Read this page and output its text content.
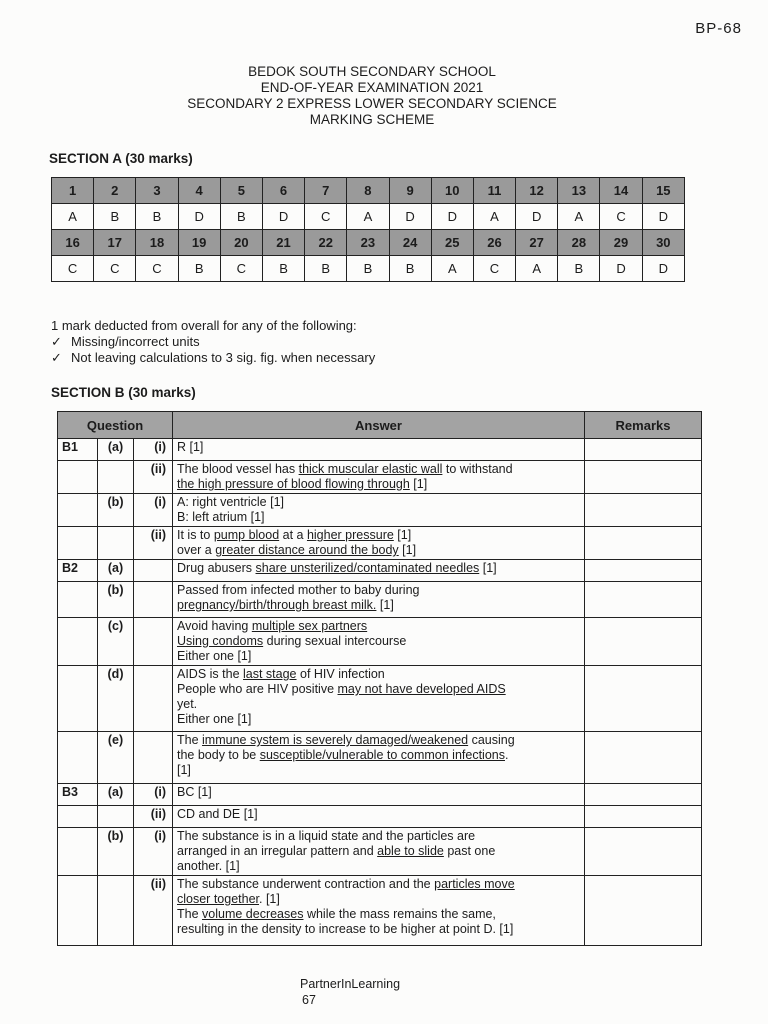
BP-68
BEDOK SOUTH SECONDARY SCHOOL
END-OF-YEAR EXAMINATION 2021
SECONDARY 2 EXPRESS LOWER SECONDARY SCIENCE
MARKING SCHEME
SECTION A (30 marks)
1	2	3	4	5	6	7	8	9	10	11	12	13	14	15
A	B	B	D	B	D	C	A	D	D	A	D	A	C	D
16	17	18	19	20	21	22	23	24	25	26	27	28	29	30
C	C	C	B	C	B	B	B	B	A	C	A	B	D	D
1 mark deducted from overall for any of the following:
✓ Missing/incorrect units
✓ Not leaving calculations to 3 sig. fig. when necessary
SECTION B (30 marks)
Question			Answer	Remarks
B1	(a)	(i)	R [1]	

		(ii)	The blood vessel has thick muscular elastic wall to withstand
the high pressure of blood flowing through [1]	

	(b)	(i)	A: right ventricle [1]
B: left atrium [1]	

		(ii)	It is to pump blood at a higher pressure [1]
over a greater distance around the body [1]	

B2	(a)		Drug abusers share unsterilized/contaminated needles [1]	

	(b)		Passed from infected mother to baby during
pregnancy/birth/through breast milk. [1]	

	(c)		Avoid having multiple sex partners
Using condoms during sexual intercourse
Either one [1]	

	(d)		AIDS is the last stage of HIV infection
People who are HIV positive may not have developed AIDS
yet.
Either one [1]	

	(e)		The immune system is severely damaged/weakened causing
the body to be susceptible/vulnerable to common infections.
[1]	

B3	(a)	(i)	BC [1]	

		(ii)	CD and DE [1]	

	(b)	(i)	The substance is in a liquid state and the particles are
arranged in an irregular pattern and able to slide past one
another. [1]	

		(ii)	The substance underwent contraction and the particles move
closer together. [1]
The volume decreases while the mass remains the same,
resulting in the density to increase to be higher at point D. [1]	

PartnerInLearning
67
